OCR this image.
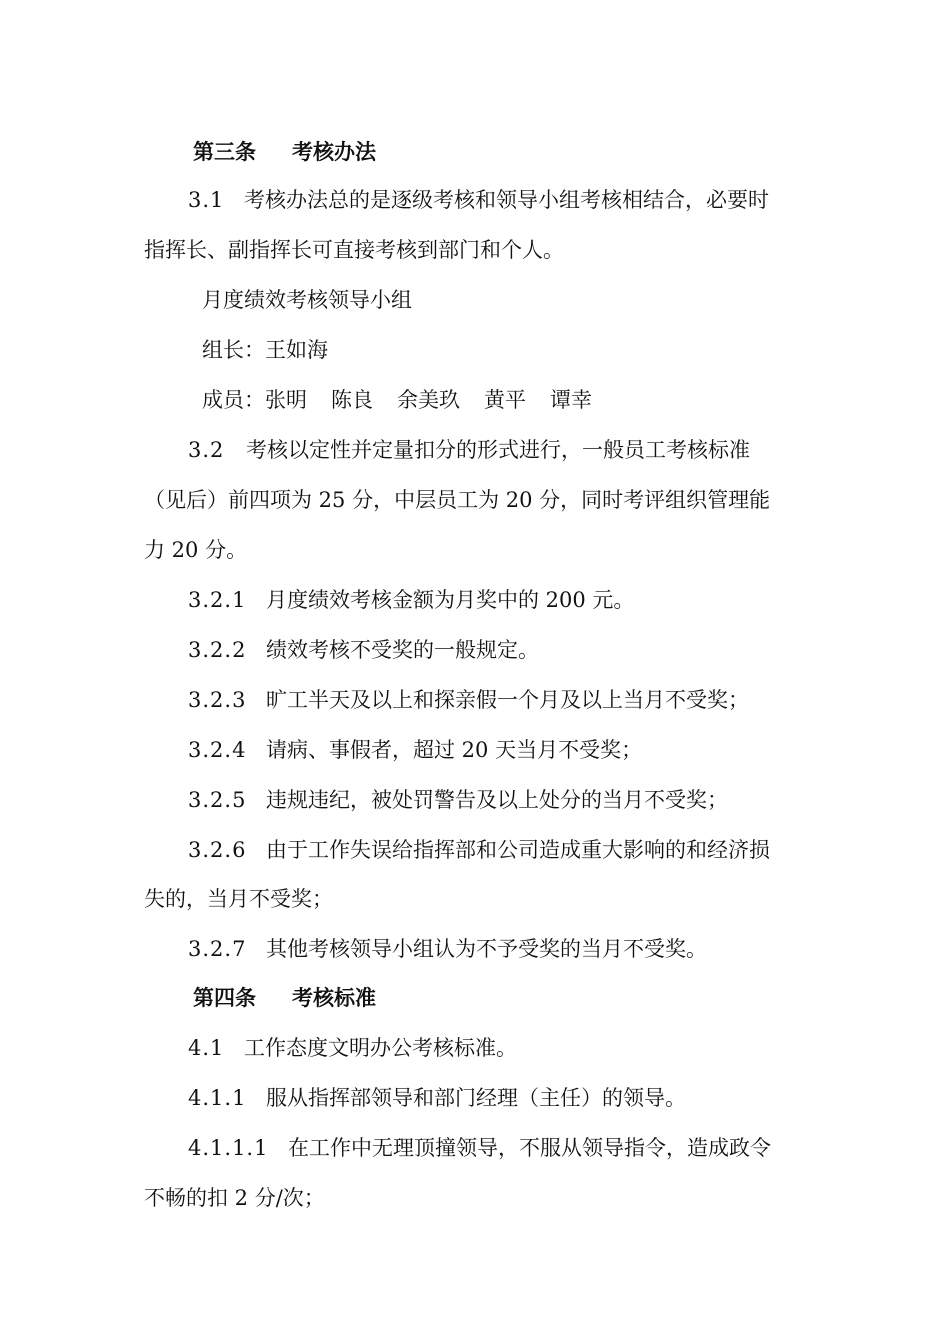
第三条 考核办法
3.1 考核办法总的是逐级考核和领导小组考核相结合，必要时
指挥长、副指挥长可直接考核到部门和个人。
月度绩效考核领导小组
组长：王如海
成员：张明 陈良 余美玖 黄平 谭幸
3.2 考核以定性并定量扣分的形式进行，一般员工考核标准
（见后）前四项为 25 分，中层员工为 20 分，同时考评组织管理能
力 20 分。
3.2.1 月度绩效考核金额为月奖中的 200 元。
3.2.2 绩效考核不受奖的一般规定。
3.2.3 旷工半天及以上和探亲假一个月及以上当月不受奖；
3.2.4 请病、事假者，超过 20 天当月不受奖；
3.2.5 违规违纪，被处罚警告及以上处分的当月不受奖；
3.2.6 由于工作失误给指挥部和公司造成重大影响的和经济损
失的，当月不受奖；
3.2.7 其他考核领导小组认为不予受奖的当月不受奖。
第四条 考核标准
4.1 工作态度文明办公考核标准。
4.1.1 服从指挥部领导和部门经理（主任）的领导。
4.1.1.1 在工作中无理顶撞领导，不服从领导指令，造成政令
不畅的扣 2 分/次；
